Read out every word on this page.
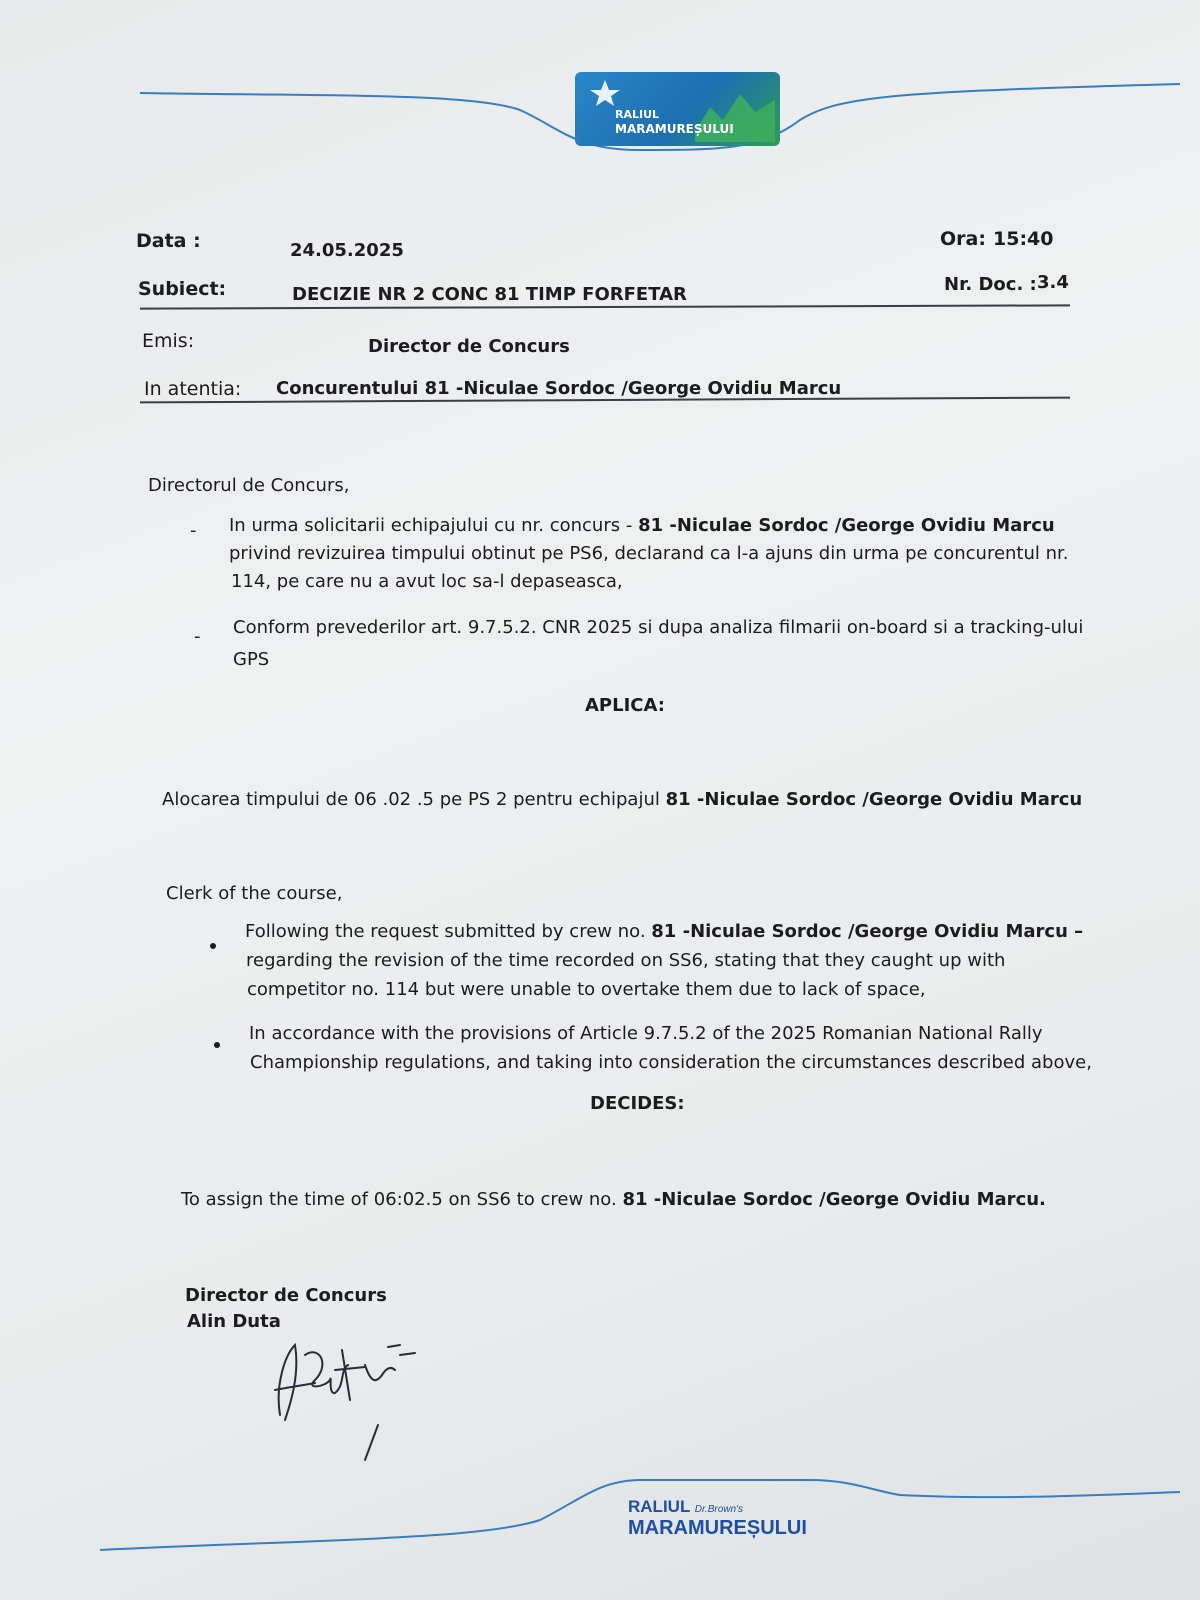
RALIUL
MARAMUREȘULUI
Data :	24.05.2025
Ora: 15:40
Subiect:	DECIZIE NR 2 CONC 81 TIMP FORFETAR	Nr. Doc. : 3.4
Emis:	Director de Concurs
In atentia: Concurentului 81 -Niculae Sordoc /George Ovidiu Marcu
Directorul de Concurs,
- In urma solicitarii echipajului cu nr. concurs - 81 -Niculae Sordoc /George Ovidiu Marcu
privind revizuirea timpului obtinut pe PS6, declarand ca l-a ajuns din urma pe concurentul nr.
114, pe care nu a avut loc sa-l depaseasca,
- Conform prevederilor art. 9.7.5.2. CNR 2025 si dupa analiza filmarii on-board si a tracking-ului
GPS
APLICA:
Alocarea timpului de 06 .02 .5 pe PS 2 pentru echipajul 81 -Niculae Sordoc /George Ovidiu Marcu
Clerk of the course,
Following the request submitted by crew no. 81 -Niculae Sordoc /George Ovidiu Marcu –
regarding the revision of the time recorded on SS6, stating that they caught up with
competitor no. 114 but were unable to overtake them due to lack of space,
In accordance with the provisions of Article 9.7.5.2 of the 2025 Romanian National Rally
Championship regulations, and taking into consideration the circumstances described above,
DECIDES:
To assign the time of 06:02.5 on SS6 to crew no. 81 -Niculae Sordoc /George Ovidiu Marcu.
Director de Concurs
Alin Duta
RALIUL Dr.Brown's
MARAMUREȘULUI
